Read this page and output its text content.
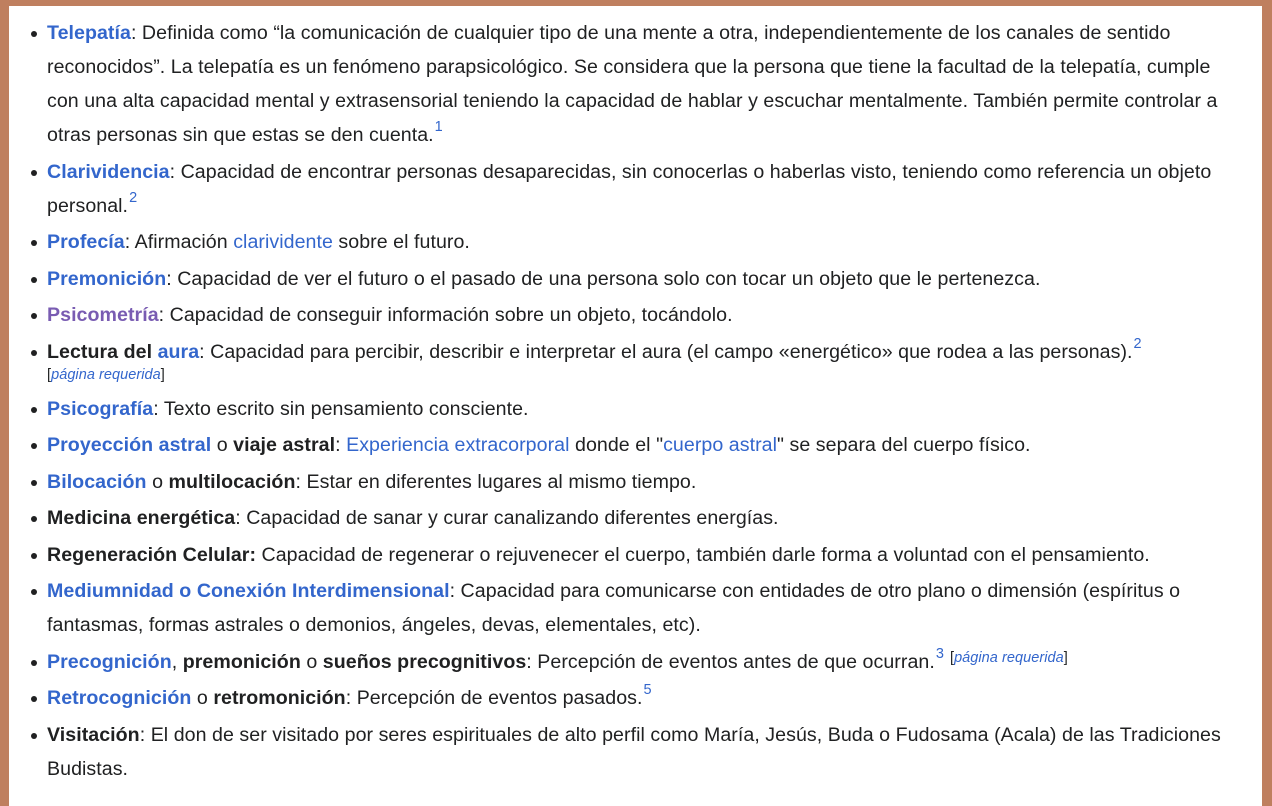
Telepatía: Definida como “la comunicación de cualquier tipo de una mente a otra, independientemente de los canales de sentido reconocidos”. La telepatía es un fenómeno parapsicológico. Se considera que la persona que tiene la facultad de la telepatía, cumple con una alta capacidad mental y extrasensorial teniendo la capacidad de hablar y escuchar mentalmente. También permite controlar a otras personas sin que estas se den cuenta.$^1$
Clarividencia: Capacidad de encontrar personas desaparecidas, sin conocerlas o haberlas visto, teniendo como referencia un objeto personal.$^2$
Profecía: Afirmación clarividente sobre el futuro.
Premonición: Capacidad de ver el futuro o el pasado de una persona solo con tocar un objeto que le pertenezca.
Psicometría: Capacidad de conseguir información sobre un objeto, tocándolo.
Lectura del aura: Capacidad para percibir, describir e interpretar el aura (el campo «energético» que rodea a las personas).$^2$
[página requerida]
Psicografía: Texto escrito sin pensamiento consciente.
Proyección astral o viaje astral: Experiencia extracorporal donde el "cuerpo astral" se separa del cuerpo físico.
Bilocación o multilocación: Estar en diferentes lugares al mismo tiempo.
Medicina energética: Capacidad de sanar y curar canalizando diferentes energías.
Regeneración Celular: Capacidad de regenerar o rejuvenecer el cuerpo, también darle forma a voluntad con el pensamiento.
Mediumnidad o Conexión Interdimensional: Capacidad para comunicarse con entidades de otro plano o dimensión (espíritus o fantasmas, formas astrales o demonios, ángeles, devas, elementales, etc).
Precognición, premonición o sueños precognitivos: Percepción de eventos antes de que ocurran.$^3$ [página requerida]
Retrocognición o retromonición: Percepción de eventos pasados.$^5$
Visitación: El don de ser visitado por seres espirituales de alto perfil como María, Jesús, Buda o Fudosama (Acala) de las Tradiciones Budistas.
